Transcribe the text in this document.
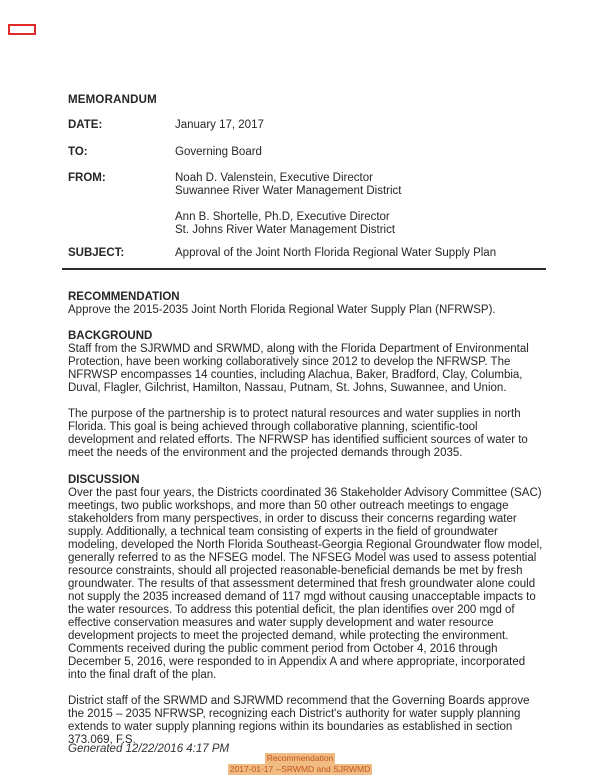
MEMORANDUM
DATE:	January 17, 2017
TO:	Governing Board
FROM:	Noah D. Valenstein, Executive Director
Suwannee River Water Management District
Ann B. Shortelle, Ph.D, Executive Director
St. Johns River Water Management District
SUBJECT:	Approval of the Joint North Florida Regional Water Supply Plan
RECOMMENDATION

Approve the 2015-2035 Joint North Florida Regional Water Supply Plan (NFRWSP).

BACKGROUND

Staff from the SJRWMD and SRWMD, along with the Florida Department of Environmental Protection, have been working collaboratively since 2012 to develop the NFRWSP. The NFRWSP encompasses 14 counties, including Alachua, Baker, Bradford, Clay, Columbia, Duval, Flagler, Gilchrist, Hamilton, Nassau, Putnam, St. Johns, Suwannee, and Union.

The purpose of the partnership is to protect natural resources and water supplies in north Florida. This goal is being achieved through collaborative planning, scientific-tool development and related efforts. The NFRWSP has identified sufficient sources of water to meet the needs of the environment and the projected demands through 2035.

DISCUSSION

Over the past four years, the Districts coordinated 36 Stakeholder Advisory Committee (SAC) meetings, two public workshops, and more than 50 other outreach meetings to engage stakeholders from many perspectives, in order to discuss their concerns regarding water supply. Additionally, a technical team consisting of experts in the field of groundwater modeling, developed the North Florida Southeast-Georgia Regional Groundwater flow model, generally referred to as the NFSEG model. The NFSEG Model was used to assess potential resource constraints, should all projected reasonable-beneficial demands be met by fresh groundwater. The results of that assessment determined that fresh groundwater alone could not supply the 2035 increased demand of 117 mgd without causing unacceptable impacts to the water resources. To address this potential deficit, the plan identifies over 200 mgd of effective conservation measures and water supply development and water resource development projects to meet the projected demand, while protecting the environment. Comments received during the public comment period from October 4, 2016 through December 5, 2016, were responded to in Appendix A and where appropriate, incorporated into the final draft of the plan.

District staff of the SRWMD and SJRWMD recommend that the Governing Boards approve the 2015 – 2035 NFRWSP, recognizing each District's authority for water supply planning extends to water supply planning regions within its boundaries as established in section 373.069, F.S.

Generated 12/22/2016 4:17 PM
Recommendation
2017-01-17 --SRWMD and SJRWMD
